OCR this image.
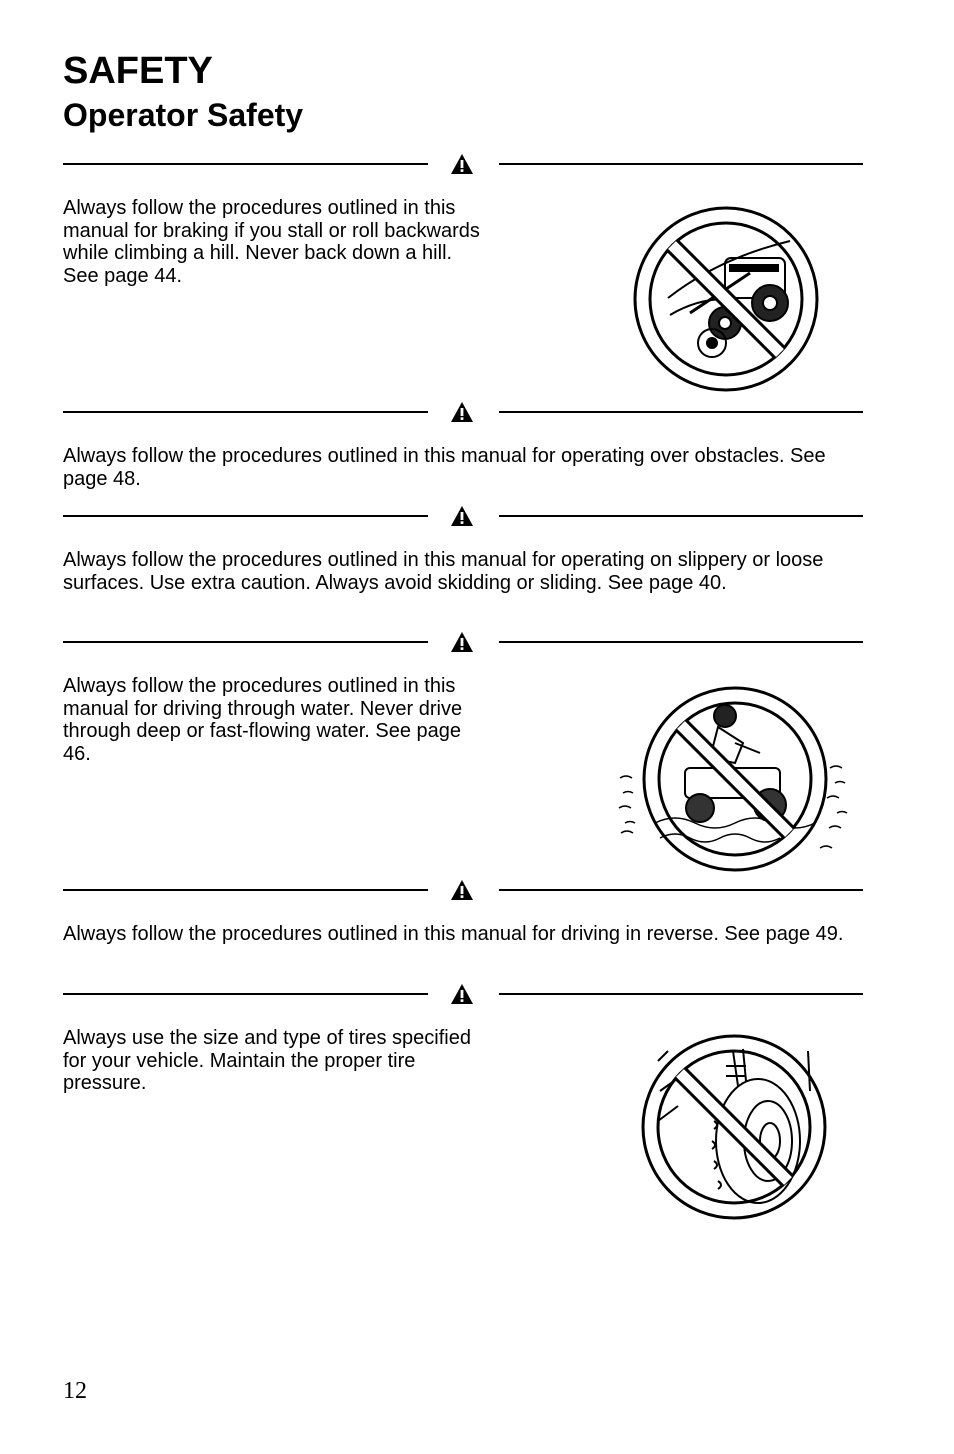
SAFETY
Operator Safety

Always follow the procedures outlined in this manual for braking if you stall or roll backwards while climbing a hill. Never back down a hill. See page 44.

Always follow the procedures outlined in this manual for operating over obstacles. See page 48.

Always follow the procedures outlined in this manual for operating on slippery or loose surfaces. Use extra caution. Always avoid skidding or sliding. See page 40.

Always follow the procedures outlined in this manual for driving through water. Never drive through deep or fast-flowing water. See page 46.

Always follow the procedures outlined in this manual for driving in reverse. See page 49.

Always use the size and type of tires specified for your vehicle. Maintain the proper tire pressure.

12
